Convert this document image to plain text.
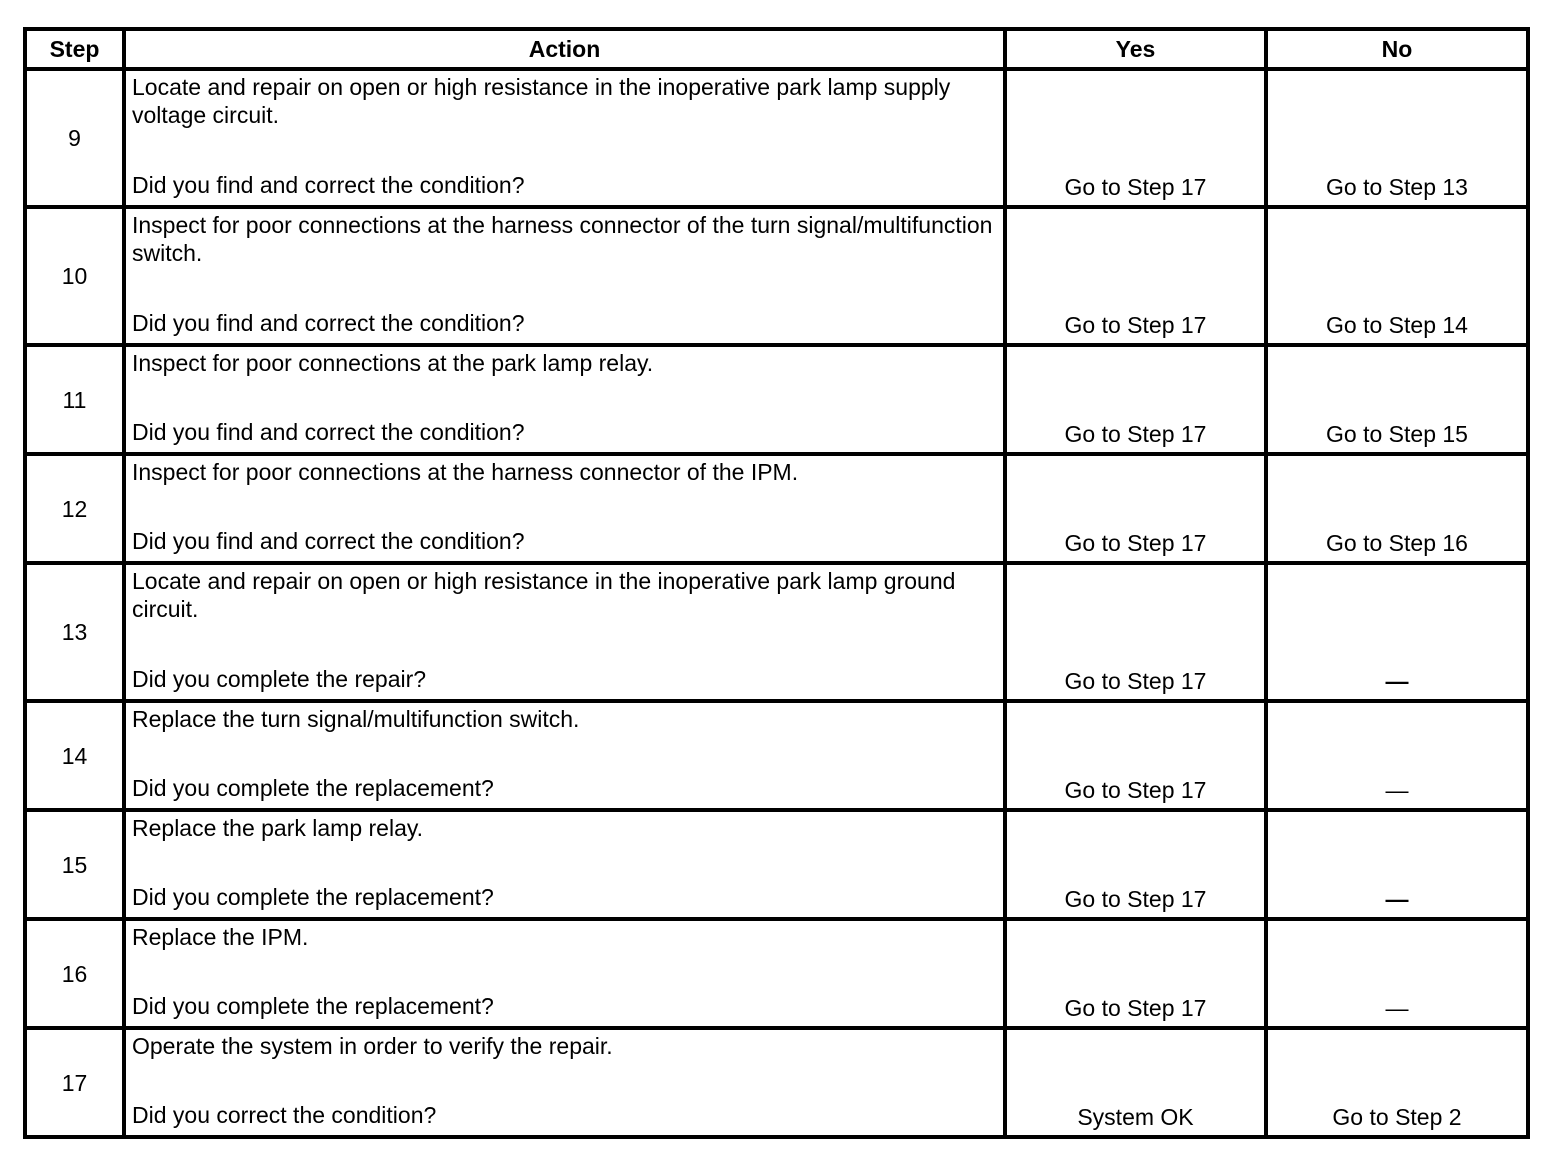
Step	Action	Yes	No
9	Locate and repair on open or high resistance in the inoperative park lamp supply voltage circuit.
Did you find and correct the condition?	Go to Step 17	Go to Step 13
10	Inspect for poor connections at the harness connector of the turn signal/multifunction switch.
Did you find and correct the condition?	Go to Step 17	Go to Step 14
11	Inspect for poor connections at the park lamp relay.
Did you find and correct the condition?	Go to Step 17	Go to Step 15
12	Inspect for poor connections at the harness connector of the IPM.
Did you find and correct the condition?	Go to Step 17	Go to Step 16
13	Locate and repair on open or high resistance in the inoperative park lamp ground circuit.
Did you complete the repair?	Go to Step 17	—
14	Replace the turn signal/multifunction switch.
Did you complete the replacement?	Go to Step 17	—
15	Replace the park lamp relay.
Did you complete the replacement?	Go to Step 17	—
16	Replace the IPM.
Did you complete the replacement?	Go to Step 17	—
17	Operate the system in order to verify the repair.
Did you correct the condition?	System OK	Go to Step 2
